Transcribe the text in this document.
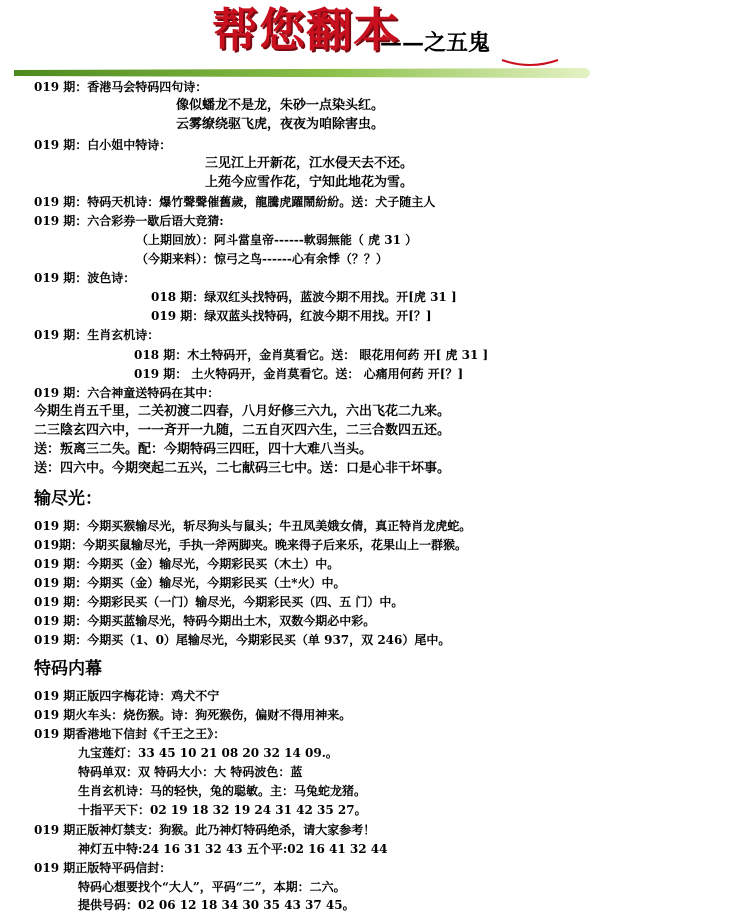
帮您翻本
——之五鬼
019 期：香港马会特码四句诗：
像似蟠龙不是龙，朱砂一点染头红。
云雾缭绕驱飞虎，夜夜为咱除害虫。
019 期：白小姐中特诗：
三见江上开新花，江水侵天去不还。
上苑今应雪作花，宁知此地花为雪。
019 期：特码天机诗：爆竹聲聲催舊歲，龍騰虎躍鬧紛紛。送：犬子随主人
019 期：六合彩券一歇后语大竞猜:
（上期回放）：阿斗當皇帝------軟弱無能（ 虎 31 ）
（今期来料）：惊弓之鸟------心有余悸（？？）
019 期：波色诗：
018 期：绿双红头找特码，蓝波今期不用找。开[虎 31 ]
019 期：绿双蓝头找特码，红波今期不用找。开[？]
019 期：生肖玄机诗：
018 期：木土特码开，金肖莫看它。送： 眼花用何药 开[ 虎 31 ]
019 期： 土火特码开，金肖莫看它。送： 心痛用何药 开[？]
019 期：六合神童送特码在其中：
今期生肖五千里，二关初渡二四春，八月好修三六九，六出飞花二九来。
二三陰玄四六中，一一斉开一九随，二五自灭四六生，二三合数四五还。
送：叛离三二失。配：今期特码三四旺，四十大难八当头。
送：四六中。今期突起二五兴，二七献码三七中。送：口是心非干坏事。
输尽光：
019 期：今期买猴输尽光，斩尽狗头与鼠头；牛丑凤美娥女倩，真正特肖龙虎蛇。
019期：今期买鼠输尽光，手执一斧两脚夹。晚来得子后来乐，花果山上一群猴。
019 期：今期买（金）输尽光，今期彩民买（木土）中。
019 期：今期买（金）输尽光，今期彩民买（土*火）中。
019 期：今期彩民买（一门）输尽光，今期彩民买（四、五 门）中。
019 期：今期买蓝输尽光，特码今期出土木，双数今期必中彩。
019 期：今期买（1、0）尾输尽光，今期彩民买（单 937，双 246）尾中。
特码内幕
019 期正版四字梅花诗：鸡犬不宁
019 期火车头：烧伤猴。诗：狗死猴伤，偏财不得用神来。
019 期香港地下信封《千王之王》：
九宝莲灯：33 45 10 21 08 20 32 14 09.。
特码单双：双 特码大小：大 特码波色：蓝
生肖玄机诗：马的轻快，兔的聪敏。主：马兔蛇龙猪。
十指平天下：02 19 18 32 19 24 31 42 35 27。
019 期正版神灯禁支：狗猴。此乃神灯特码绝杀，请大家参考！
神灯五中特:24 16 31 32 43 五个平:02 16 41 32 44
019 期正版特平码信封：
特码心想要找个“大人”，平码“二”，本期：二六。
提供号码：02 06 12 18 34 30 35 43 37 45。
